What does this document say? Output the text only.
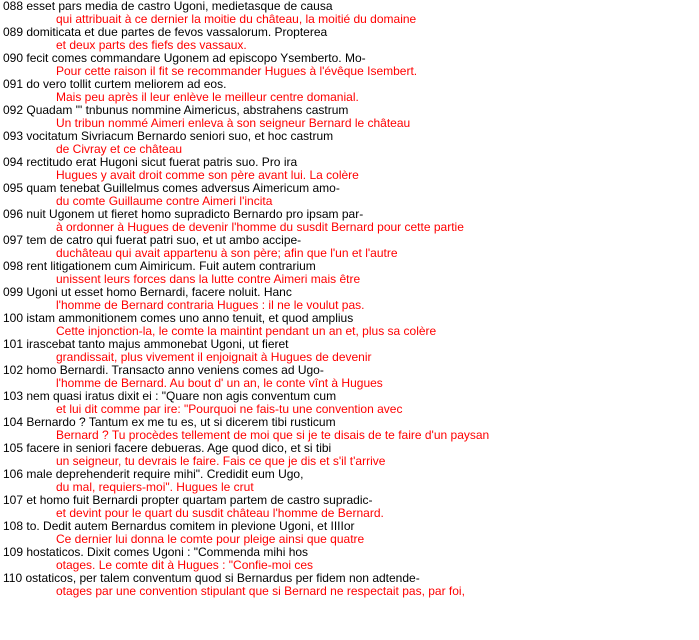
088 esset pars media de castro Ugoni, medietasque de causa
qui attribuait à ce dernier la moitie du château, la moitié du domaine
089 domiticata et due partes de fevos vassalorum. Propterea
et deux parts des fiefs des vassaux.
090 fecit comes commandare Ugonem ad episcopo Ysemberto. Mo-
Pour cette raison il fit se recommander Hugues à l'évêque Isembert.
091 do vero tollit curtem meliorem ad eos.
Mais peu après il leur enlève le meilleur centre domanial.
092 Quadam "' tnbunus nommine Aimericus, abstrahens castrum
Un tribun nommé Aimeri enleva à son seigneur Bernard le château
093 vocitatum Sivriacum Bernardo seniori suo, et hoc castrum
de Civray et ce château
094 rectitudo erat Hugoni sicut fuerat patris suo. Pro ira
Hugues y avait droit comme son père avant lui. La colère
095 quam tenebat Guillelmus comes adversus Aimericum amo-
du comte Guillaume contre Aimeri l'incita
096 nuit Ugonem ut fieret homo supradicto Bernardo pro ipsam par-
à ordonner à Hugues de devenir l'homme du susdit Bernard pour cette partie
097 tem de catro qui fuerat patri suo, et ut ambo accipe-
duchâteau qui avait appartenu à son père; afin que l'un et l'autre
098 rent litigationem cum Aimiricum. Fuit autem contrarium
unissent leurs forces dans la lutte contre Aimeri mais être
099 Ugoni ut esset homo Bernardi, facere noluit. Hanc
l'homme de Bernard contraria Hugues : il ne le voulut pas.
100 istam ammonitionem comes uno anno tenuit, et quod amplius
Cette injonction-la, le comte la maintint pendant un an et, plus sa colère
101 irascebat tanto majus ammonebat Ugoni, ut fieret
grandissait, plus vivement il enjoignait à Hugues de devenir
102 homo Bernardi. Transacto anno veniens comes ad Ugo-
l'homme de Bernard. Au bout d' un an, le conte vînt à Hugues
103 nem quasi iratus dixit ei : "Quare non agis conventum cum
et lui dit comme par ire: "Pourquoi ne fais-tu une convention avec
104 Bernardo ? Tantum ex me tu es, ut si dicerem tibi rusticum
Bernard ? Tu procèdes tellement de moi que si je te disais de te faire d'un paysan
105 facere in seniori facere debueras. Age quod dico, et si tibi
un seigneur, tu devrais le faire. Fais ce que je dis et s'il t'arrive
106 male deprehenderit require mihi". Credidit eum Ugo,
du mal, requiers-moi". Hugues le crut
107 et homo fuit Bernardi propter quartam partem de castro supradic-
et devint pour le quart du susdit château l'homme de Bernard.
108 to. Dedit autem Bernardus comitem in plevione Ugoni, et IIIIor
Ce dernier lui donna le comte pour pleige ainsi que quatre
109 hostaticos. Dixit comes Ugoni : "Commenda mihi hos
otages. Le comte dit à Hugues : "Confie-moi ces
110 ostaticos, per talem conventum quod si Bernardus per fidem non adtende-
otages par une convention stipulant que si Bernard ne respectait pas, par foi,
